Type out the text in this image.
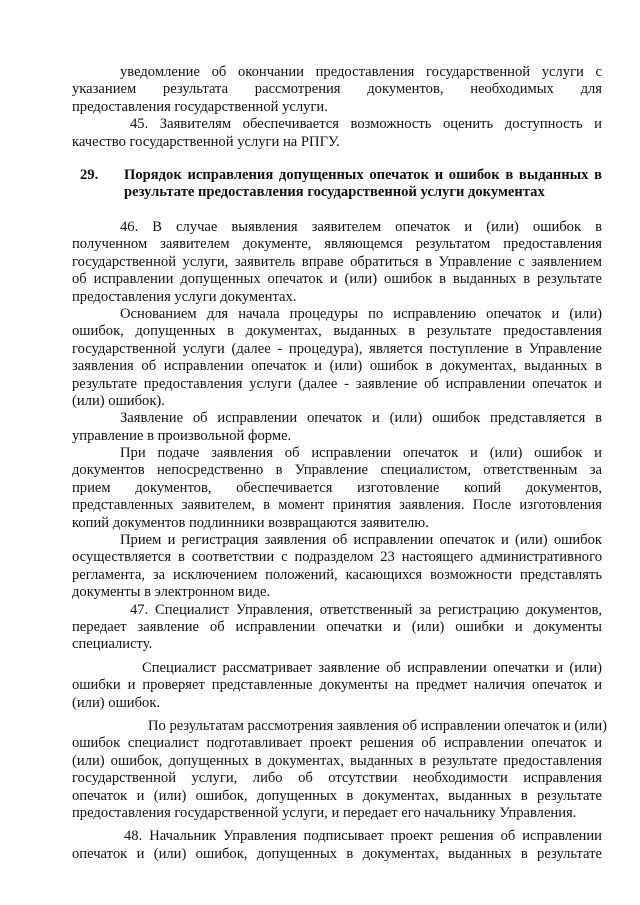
уведомление об окончании предоставления государственной услуги с
указанием результата рассмотрения документов, необходимых для
предоставления государственной услуги.
45. Заявителям обеспечивается возможность оценить доступность и
качество государственной услуги на РПГУ.
29. Порядок исправления допущенных опечаток и ошибок в выданных в
результате предоставления государственной услуги документах
46. В случае выявления заявителем опечаток и (или) ошибок в
полученном заявителем документе, являющемся результатом предоставления
государственной услуги, заявитель вправе обратиться в Управление с заявлением
об исправлении допущенных опечаток и (или) ошибок в выданных в результате
предоставления услуги документах.
Основанием для начала процедуры по исправлению опечаток и (или)
ошибок, допущенных в документах, выданных в результате предоставления
государственной услуги (далее - процедура), является поступление в Управление
заявления об исправлении опечаток и (или) ошибок в документах, выданных в
результате предоставления услуги (далее - заявление об исправлении опечаток и
(или) ошибок).
Заявление об исправлении опечаток и (или) ошибок представляется в
управление в произвольной форме.
При подаче заявления об исправлении опечаток и (или) ошибок и
документов непосредственно в Управление специалистом, ответственным за
прием документов, обеспечивается изготовление копий документов,
представленных заявителем, в момент принятия заявления. После изготовления
копий документов подлинники возвращаются заявителю.
Прием и регистрация заявления об исправлении опечаток и (или) ошибок
осуществляется в соответствии с подразделом 23 настоящего административного
регламента, за исключением положений, касающихся возможности представлять
документы в электронном виде.
47. Специалист Управления, ответственный за регистрацию документов,
передает заявление об исправлении опечатки и (или) ошибки и документы
специалисту.
Специалист рассматривает заявление об исправлении опечатки и (или)
ошибки и проверяет представленные документы на предмет наличия опечаток и
(или) ошибок.
По результатам рассмотрения заявления об исправлении опечаток и (или)
ошибок специалист подготавливает проект решения об исправлении опечаток и
(или) ошибок, допущенных в документах, выданных в результате предоставления
государственной услуги, либо об отсутствии необходимости исправления
опечаток и (или) ошибок, допущенных в документах, выданных в результате
предоставления государственной услуги, и передает его начальнику Управления.
48. Начальник Управления подписывает проект решения об исправлении
опечаток и (или) ошибок, допущенных в документах, выданных в результате
